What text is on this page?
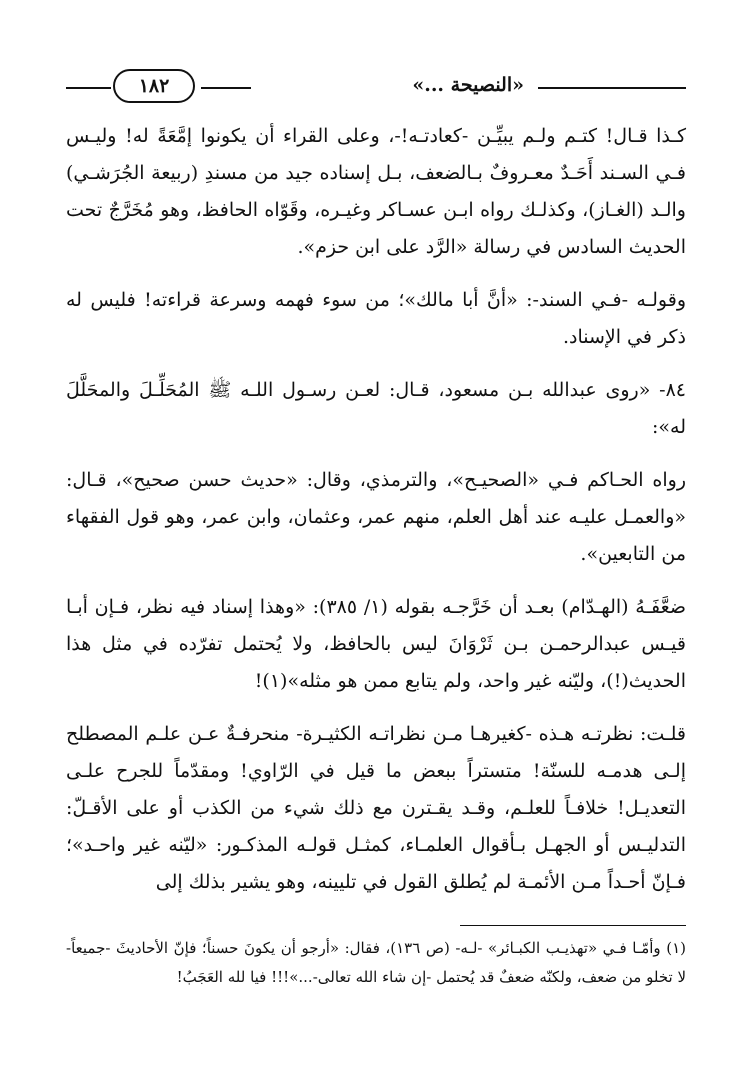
«النصيحة ...»
١٨٢

كـذا قـال! كتـم ولـم يبيِّـن -كعادتـه!-، وعلى القراء أن يكونوا إمَّعَةً له! وليـس فـي السـند أَحَـدٌ معـروفٌ بـالضعف، بـل إسناده جيد من مسندِ (ربيعة الجُرَشـي) والـد (الغـاز)، وكذلـك رواه ابـن عسـاكر وغيـره، وقَوّاه الحافظ، وهو مُخَرَّجٌ تحت الحديث السادس في رسالة «الرَّد على ابن حزم».

وقولـه -فـي السند-: «أنَّ أبا مالك»؛ من سوء فهمه وسرعة قراءته! فليس له ذكر في الإسناد.

٨٤- «روى عبدالله بـن مسعود، قـال: لعـن رسـول اللـه ﷺ المُحَلِّـلَ والمحَلَّلَ له»:

رواه الحـاكم فـي «الصحيـح»، والترمذي، وقال: «حديث حسن صحيح»، قـال: «والعمـل عليـه عند أهل العلم، منهم عمر، وعثمان، وابن عمر، وهو قول الفقهاء من التابعين».

ضعَّفَـهُ (الهـدّام) بعـد أن خَرَّجـه بقوله (١/ ٣٨٥): «وهذا إسناد فيه نظر، فـإن أبـا قيـس عبدالرحمـن بـن ثَرْوَانَ ليس بالحافظ، ولا يُحتمل تفرّده في مثل هذا الحديث(!)، وليّنه غير واحد، ولم يتابع ممن هو مثله»(١)!

قلـت: نظرتـه هـذه -كغيرهـا مـن نظراتـه الكثيـرة- منحرفـةٌ عـن علـم المصطلح إلـى هدمـه للسنّة! متستراً ببعض ما قيل في الرّاوي! ومقدّماً للجرح علـى التعديـل! خلافـاً للعلـم، وقـد يقـترن مع ذلك شيء من الكذب أو على الأقـلّ: التدليـس أو الجهـل بـأقوال العلمـاء، كمثـل قولـه المذكـور: «ليّنه غير واحـد»؛ فـإنّ أحـداً مـن الأئمـة لم يُطلق القول في تليينه، وهو يشير بذلك إلى

(١) وأمّـا فـي «تهذيـب الكبـائر» -لـه- (ص ١٣٦)، فقال: «أرجو أن يكونَ حسناً؛ فإنّ الأحاديثَ -جميعاً- لا تخلو من ضعف، ولكنّه ضعفٌ قد يُحتمل -إن شاء الله تعالى-...»!!! فيا لله العَجَبُ!
